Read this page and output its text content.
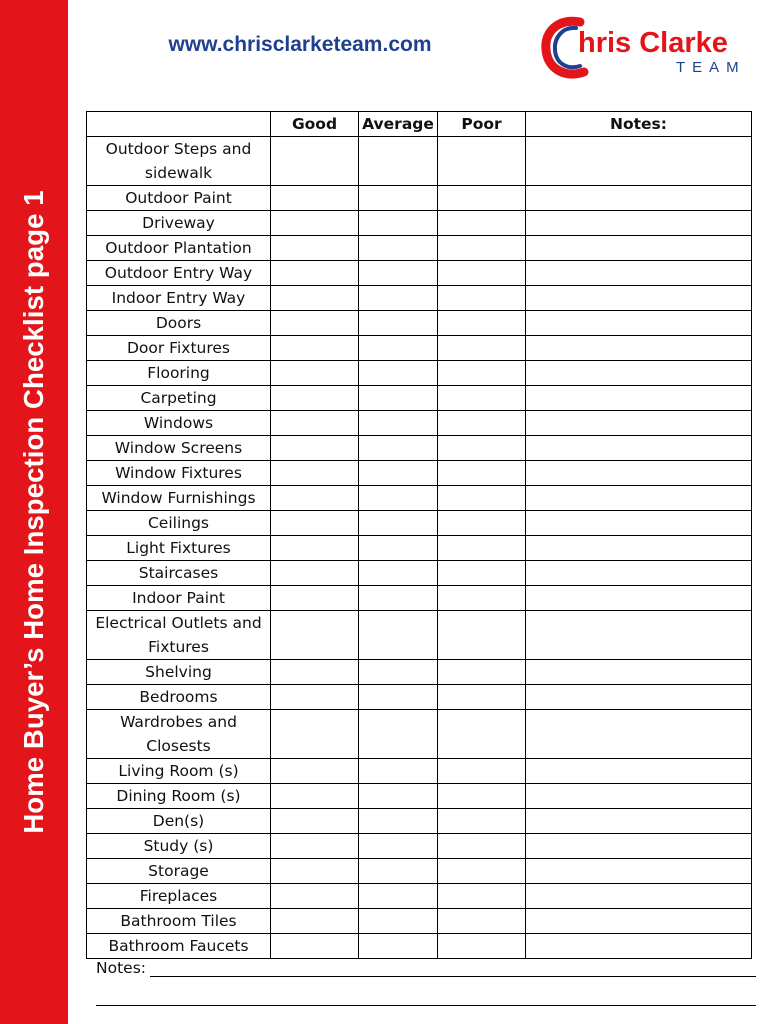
Home Buyer’s Home Inspection Checklist page 1
www.chrisclarketeam.com	hris Clarke
TEAM
	Good	Average	Poor	Notes:
Outdoor Steps and sidewalk				
Outdoor Paint				
Driveway				
Outdoor Plantation				
Outdoor Entry Way				
Indoor Entry Way				
Doors				
Door Fixtures				
Flooring				
Carpeting				
Windows				
Window Screens				
Window Fixtures				
Window Furnishings				
Ceilings				
Light Fixtures				
Staircases				
Indoor Paint				
Electrical Outlets and Fixtures				
Shelving				
Bedrooms				
Wardrobes and Closests				
Living Room (s)				
Dining Room (s)				
Den(s)				
Study (s)				
Storage				
Fireplaces				
Bathroom Tiles				
Bathroom Faucets				
Notes:
